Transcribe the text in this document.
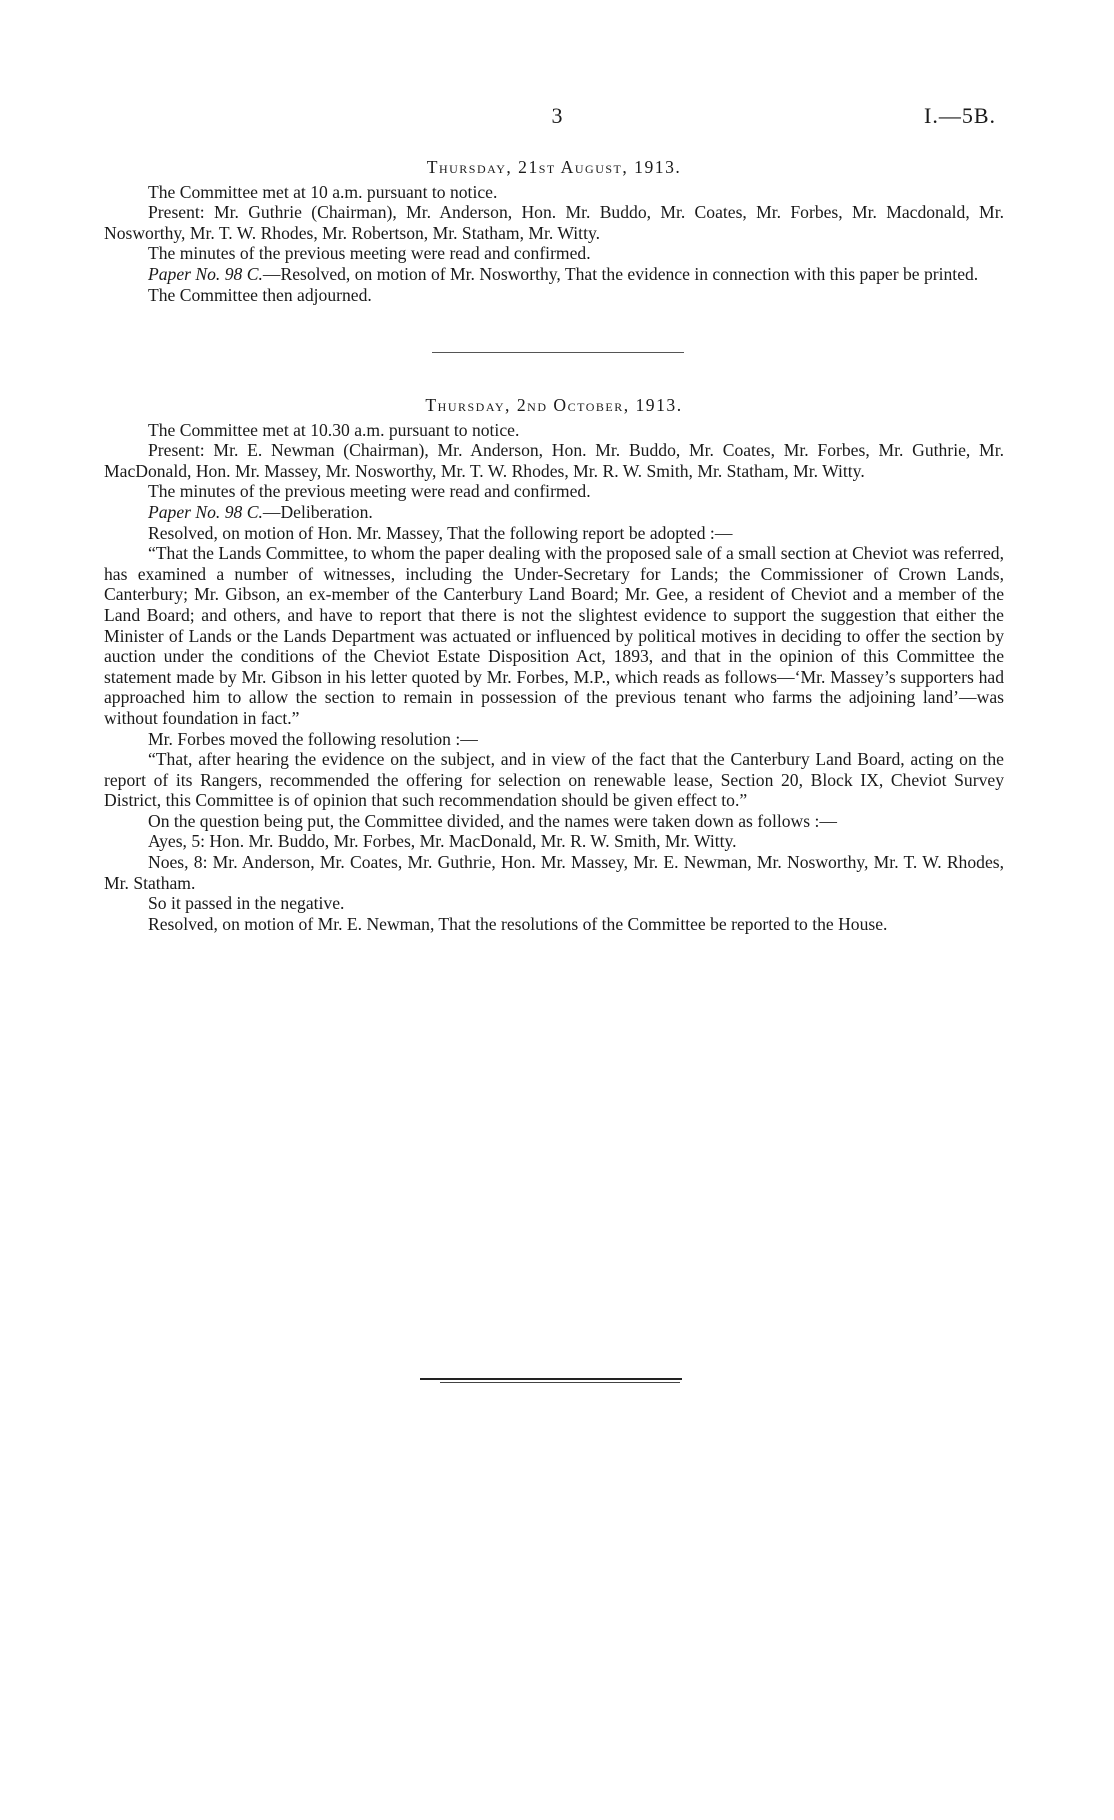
3	I.—5B.
Thursday, 21st August, 1913.

The Committee met at 10 a.m. pursuant to notice.

Present: Mr. Guthrie (Chairman), Mr. Anderson, Hon. Mr. Buddo, Mr. Coates, Mr. Forbes, Mr. Macdonald, Mr. Nosworthy, Mr. T. W. Rhodes, Mr. Robertson, Mr. Statham, Mr. Witty.

The minutes of the previous meeting were read and confirmed.

Paper No. 98 C.—Resolved, on motion of Mr. Nosworthy, That the evidence in connection with this paper be printed.

The Committee then adjourned.

Thursday, 2nd October, 1913.

The Committee met at 10.30 a.m. pursuant to notice.

Present: Mr. E. Newman (Chairman), Mr. Anderson, Hon. Mr. Buddo, Mr. Coates, Mr. Forbes, Mr. Guthrie, Mr. MacDonald, Hon. Mr. Massey, Mr. Nosworthy, Mr. T. W. Rhodes, Mr. R. W. Smith, Mr. Statham, Mr. Witty.

The minutes of the previous meeting were read and confirmed.

Paper No. 98 C.—Deliberation.

Resolved, on motion of Hon. Mr. Massey, That the following report be adopted :—

“That the Lands Committee, to whom the paper dealing with the proposed sale of a small section at Cheviot was referred, has examined a number of witnesses, including the Under-Secretary for Lands; the Commissioner of Crown Lands, Canterbury; Mr. Gibson, an ex-member of the Canterbury Land Board; Mr. Gee, a resident of Cheviot and a member of the Land Board; and others, and have to report that there is not the slightest evidence to support the suggestion that either the Minister of Lands or the Lands Department was actuated or influenced by political motives in deciding to offer the section by auction under the conditions of the Cheviot Estate Disposition Act, 1893, and that in the opinion of this Committee the statement made by Mr. Gibson in his letter quoted by Mr. Forbes, M.P., which reads as follows—‘Mr. Massey’s supporters had approached him to allow the section to remain in possession of the previous tenant who farms the adjoining land’—was without foundation in fact.”

Mr. Forbes moved the following resolution :—

“That, after hearing the evidence on the subject, and in view of the fact that the Canterbury Land Board, acting on the report of its Rangers, recommended the offering for selection on renewable lease, Section 20, Block IX, Cheviot Survey District, this Committee is of opinion that such recommendation should be given effect to.”

On the question being put, the Committee divided, and the names were taken down as follows :—

Ayes, 5: Hon. Mr. Buddo, Mr. Forbes, Mr. MacDonald, Mr. R. W. Smith, Mr. Witty.

Noes, 8: Mr. Anderson, Mr. Coates, Mr. Guthrie, Hon. Mr. Massey, Mr. E. Newman, Mr. Nosworthy, Mr. T. W. Rhodes, Mr. Statham.

So it passed in the negative.

Resolved, on motion of Mr. E. Newman, That the resolutions of the Committee be reported to the House.
